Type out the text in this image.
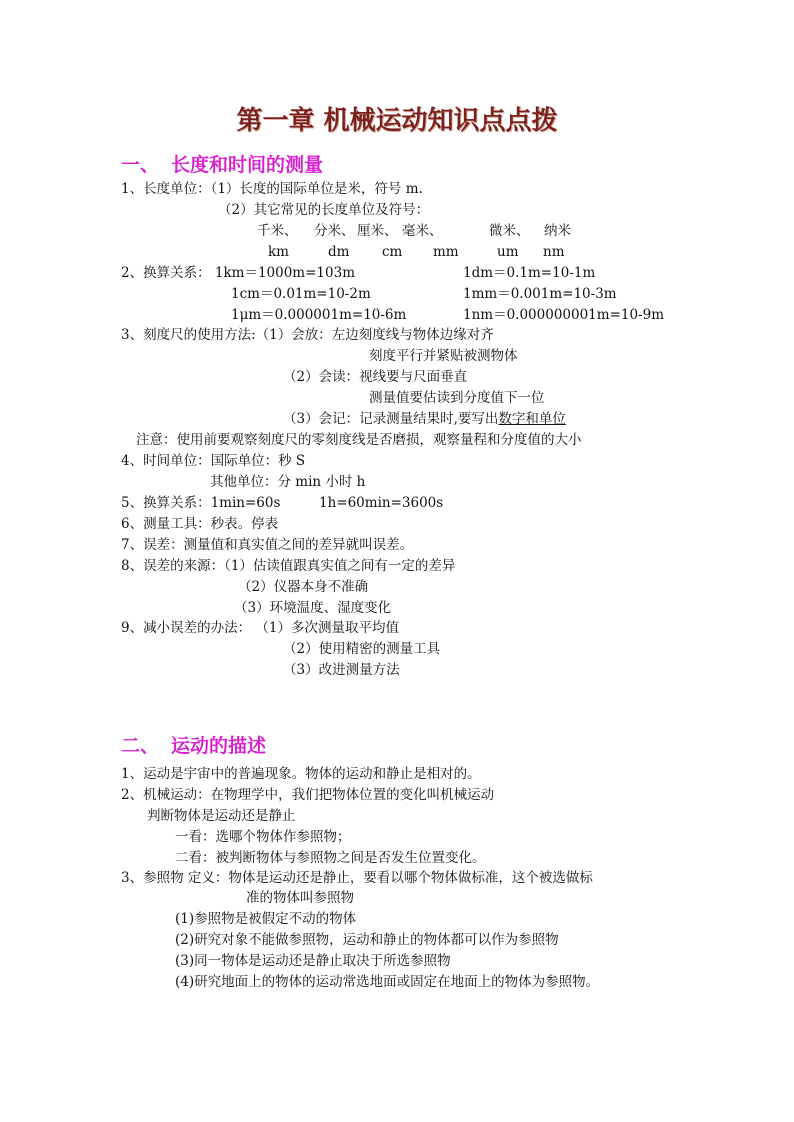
第一章 机械运动知识点点拨
一、 长度和时间的测量
1、长度单位：（1）长度的国际单位是米，符号 m.
（2）其它常见的长度单位及符号：
千米、 分米、 厘米、 毫米、	微米、 纳米
km	dm cm mm	um nm
2、换算关系： 1km＝1000m=103m	1dm＝0.1m=10-1m
1cm＝0.01m=10-2m	1mm＝0.001m=10-3m
1μm＝0.000001m=10-6m	1nm＝0.000000001m=10-9m
3、刻度尺的使用方法:（1）会放：左边刻度线与物体边缘对齐
刻度平行并紧贴被测物体
（2）会读：视线要与尺面垂直
测量值要估读到分度值下一位
（3）会记：记录测量结果时,要写出数字和单位
注意：使用前要观察刻度尺的零刻度线是否磨损，观察量程和分度值的大小
4、时间单位：国际单位：秒 S
其他单位：分 min 小时 h
5、换算关系：1min=60s	1h=60min=3600s
6、测量工具：秒表。停表
7、误差：测量值和真实值之间的差异就叫误差。
8、误差的来源：（1）估读值跟真实值之间有一定的差异
（2）仪器本身不准确
（3）环境温度、湿度变化
9、减小误差的办法： （1）多次测量取平均值
（2）使用精密的测量工具
（3）改进测量方法
二、 运动的描述
1、运动是宇宙中的普遍现象。物体的运动和静止是相对的。
2、机械运动：在物理学中，我们把物体位置的变化叫机械运动
判断物体是运动还是静止
一看：选哪个物体作参照物；
二看：被判断物体与参照物之间是否发生位置变化。
3、参照物 定义：物体是运动还是静止，要看以哪个物体做标准，这个被选做标
准的物体叫参照物
(1)参照物是被假定不动的物体
(2)研究对象不能做参照物，运动和静止的物体都可以作为参照物
(3)同一物体是运动还是静止取决于所选参照物
(4)研究地面上的物体的运动常选地面或固定在地面上的物体为参照物。
